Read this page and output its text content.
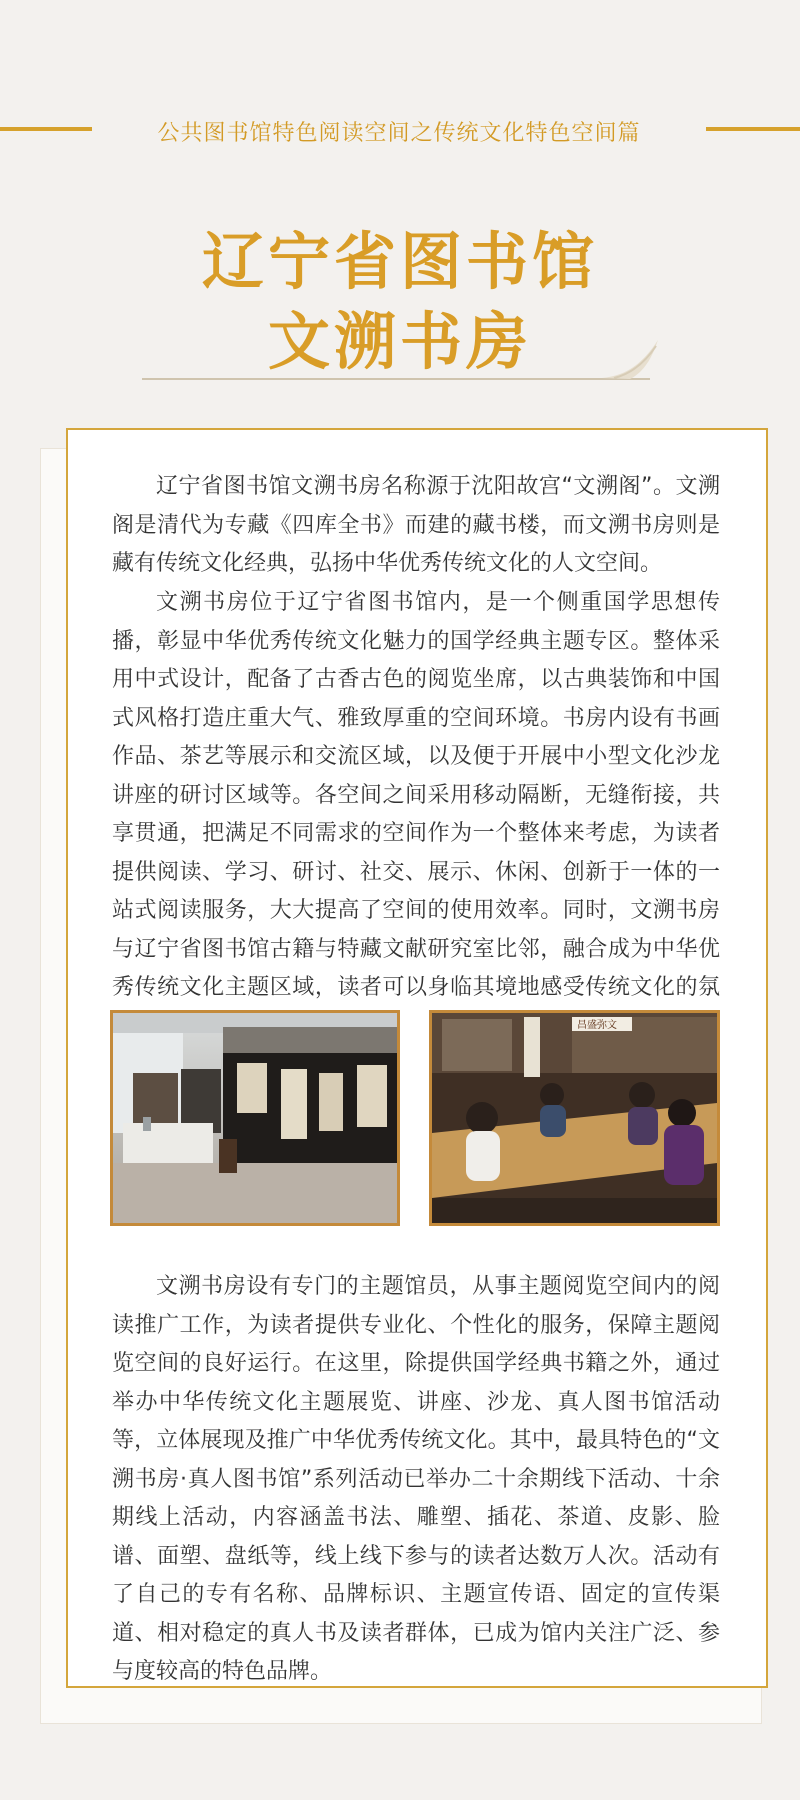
公共图书馆特色阅读空间之传统文化特色空间篇
辽宁省图书馆
文溯书房

辽宁省图书馆文溯书房名称源于沈阳故宫“文溯阁”。文溯阁是清代为专藏《四库全书》而建的藏书楼，而文溯书房则是藏有传统文化经典，弘扬中华优秀传统文化的人文空间。

文溯书房位于辽宁省图书馆内，是一个侧重国学思想传播，彰显中华优秀传统文化魅力的国学经典主题专区。整体采用中式设计，配备了古香古色的阅览坐席，以古典装饰和中国式风格打造庄重大气、雅致厚重的空间环境。书房内设有书画作品、茶艺等展示和交流区域，以及便于开展中小型文化沙龙讲座的研讨区域等。各空间之间采用移动隔断，无缝衔接，共享贯通，把满足不同需求的空间作为一个整体来考虑，为读者提供阅读、学习、研讨、社交、展示、休闲、创新于一体的一站式阅读服务，大大提高了空间的使用效率。同时，文溯书房与辽宁省图书馆古籍与特藏文献研究室比邻，融合成为中华优秀传统文化主题区域，读者可以身临其境地感受传统文化的氛

昌盛弥文

文溯书房设有专门的主题馆员，从事主题阅览空间内的阅读推广工作，为读者提供专业化、个性化的服务，保障主题阅览空间的良好运行。在这里，除提供国学经典书籍之外，通过举办中华传统文化主题展览、讲座、沙龙、真人图书馆活动等，立体展现及推广中华优秀传统文化。其中，最具特色的“文溯书房·真人图书馆”系列活动已举办二十余期线下活动、十余期线上活动，内容涵盖书法、雕塑、插花、茶道、皮影、脸谱、面塑、盘纸等，线上线下参与的读者达数万人次。活动有了自己的专有名称、品牌标识、主题宣传语、固定的宣传渠道、相对稳定的真人书及读者群体，已成为馆内关注广泛、参与度较高的特色品牌。
